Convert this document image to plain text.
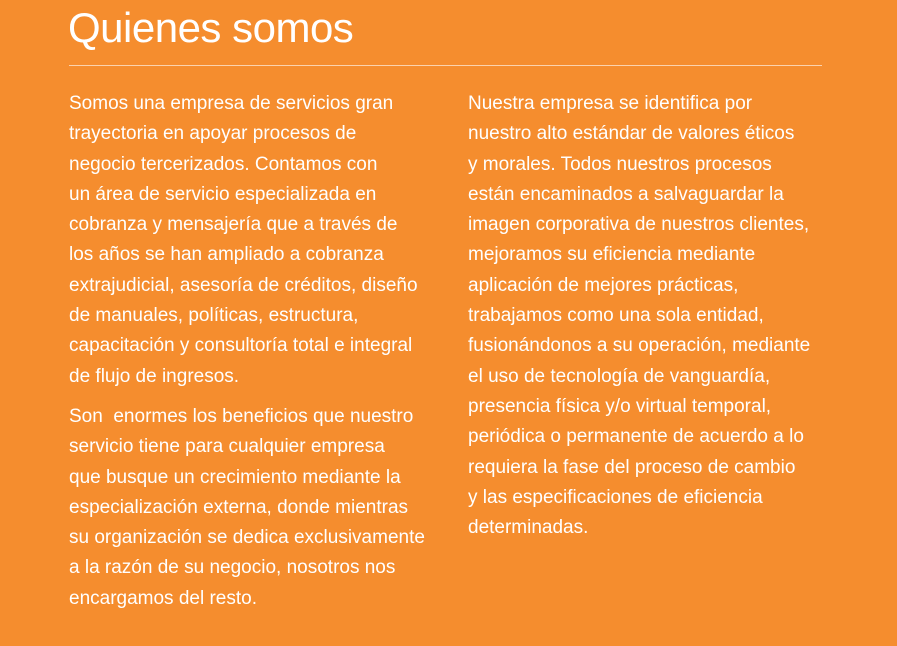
Quienes somos

Somos una empresa de servicios gran
trayectoria en apoyar procesos de
negocio tercerizados. Contamos con
un área de servicio especializada en
cobranza y mensajería que a través de
los años se han ampliado a cobranza
extrajudicial, asesoría de créditos, diseño
de manuales, políticas, estructura,
capacitación y consultoría total e integral
de flujo de ingresos.

Son  enormes los beneficios que nuestro
servicio tiene para cualquier empresa
que busque un crecimiento mediante la
especialización externa, donde mientras
su organización se dedica exclusivamente
a la razón de su negocio, nosotros nos
encargamos del resto.

Nuestra empresa se identifica por
nuestro alto estándar de valores éticos
y morales. Todos nuestros procesos
están encaminados a salvaguardar la
imagen corporativa de nuestros clientes,
mejoramos su eficiencia mediante
aplicación de mejores prácticas,
trabajamos como una sola entidad,
fusionándonos a su operación, mediante
el uso de tecnología de vanguardía,
presencia física y/o virtual temporal,
periódica o permanente de acuerdo a lo
requiera la fase del proceso de cambio
y las especificaciones de eficiencia
determinadas.
